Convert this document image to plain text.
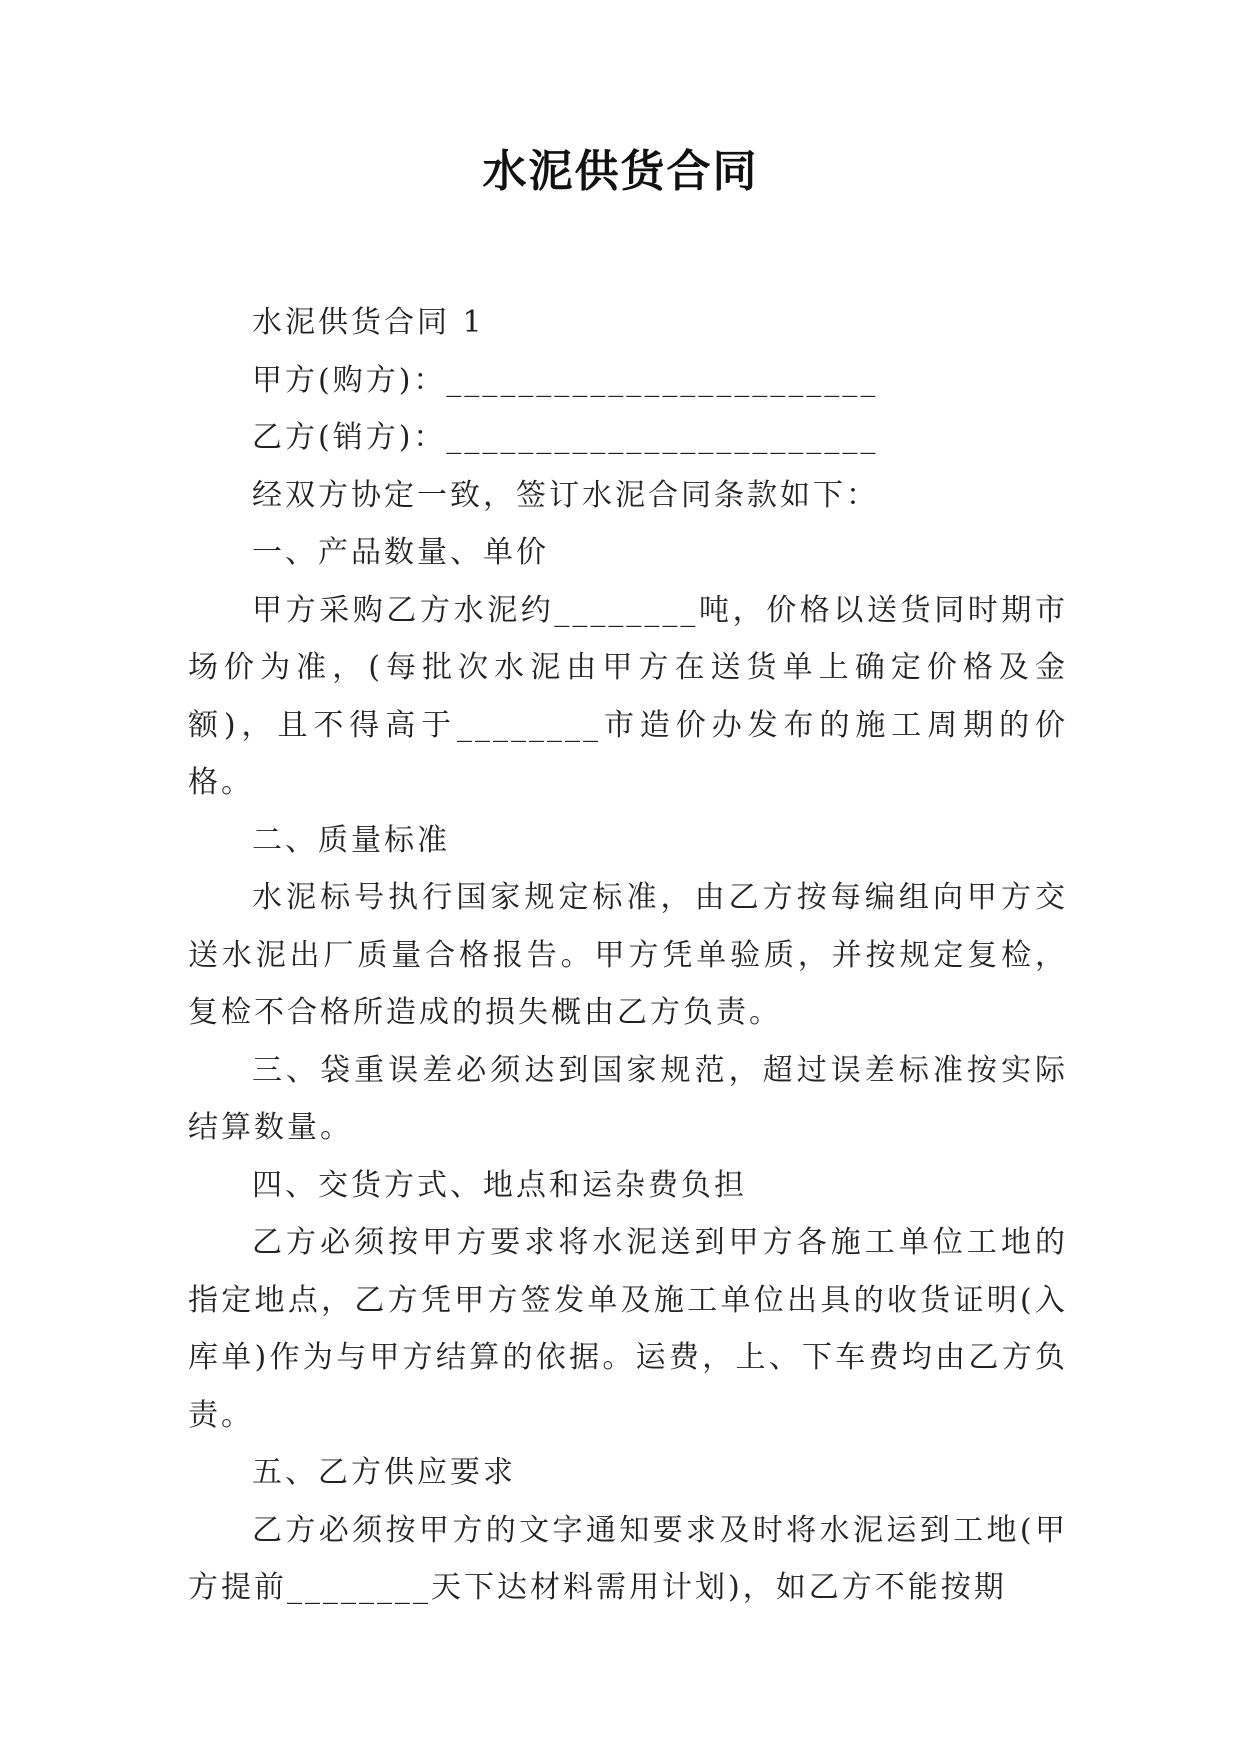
水泥供货合同

水泥供货合同 1

甲方(购方)：________________________

乙方(销方)：________________________

经双方协定一致，签订水泥合同条款如下：

一、产品数量、单价

甲方采购乙方水泥约________吨，价格以送货同时期市场价为准，(每批次水泥由甲方在送货单上确定价格及金额)，且不得高于________市造价办发布的施工周期的价格。

二、质量标准

水泥标号执行国家规定标准，由乙方按每编组向甲方交送水泥出厂质量合格报告。甲方凭单验质，并按规定复检，复检不合格所造成的损失概由乙方负责。

三、袋重误差必须达到国家规范，超过误差标准按实际结算数量。

四、交货方式、地点和运杂费负担

乙方必须按甲方要求将水泥送到甲方各施工单位工地的指定地点，乙方凭甲方签发单及施工单位出具的收货证明(入库单)作为与甲方结算的依据。运费，上、下车费均由乙方负责。

五、乙方供应要求

乙方必须按甲方的文字通知要求及时将水泥运到工地(甲方提前________天下达材料需用计划)，如乙方不能按期
